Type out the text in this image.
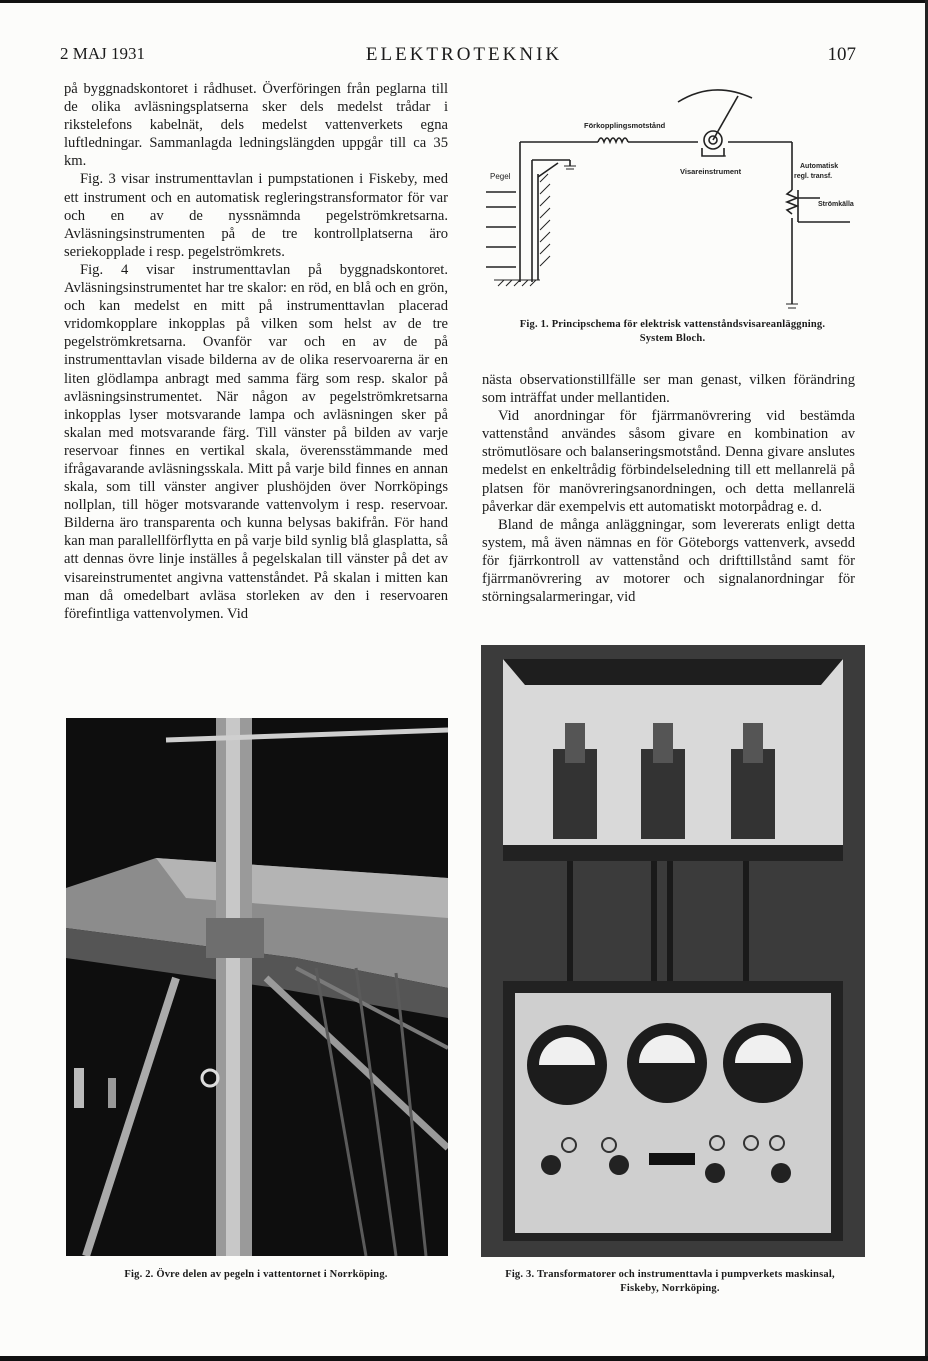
2 MAJ 1931	ELEKTROTEKNIK	107

på byggnadskontoret i rådhuset. Överföringen från peglarna till de olika avläsningsplatserna sker dels medelst trådar i rikstelefons kabelnät, dels medelst vattenverkets egna luftledningar. Sammanlagda ledningslängden uppgår till ca 35 km.

Fig. 3 visar instrumenttavlan i pumpstationen i Fiskeby, med ett instrument och en automatisk regleringstransformator för var och en av de nyssnämnda pegelströmkretsarna. Avläsningsinstrumenten på de tre kontrollplatserna äro seriekopplade i resp. pegelströmkrets.

Fig. 4 visar instrumenttavlan på byggnadskontoret. Avläsningsinstrumentet har tre skalor: en röd, en blå och en grön, och kan medelst en mitt på instrumenttavlan placerad vridomkopplare inkopplas på vilken som helst av de tre pegelströmkretsarna. Ovanför var och en av de på instrumenttavlan visade bilderna av de olika reservoarerna är en liten glödlampa anbragt med samma färg som resp. skalor på avläsningsinstrumentet. När någon av pegelströmkretsarna inkopplas lyser motsvarande lampa och avläsningen sker på skalan med motsvarande färg. Till vänster på bilden av varje reservoar finnes en vertikal skala, överensstämmande med ifrågavarande avläsningsskala. Mitt på varje bild finnes en annan skala, som till vänster angiver plushöjden över Norrköpings nollplan, till höger motsvarande vattenvolym i resp. reservoar. Bilderna äro transparenta och kunna belysas bakifrån. För hand kan man parallellförflytta en på varje bild synlig blå glasplatta, så att dennas övre linje inställes å pegelskalan till vänster på det av visareinstrumentet angivna vattenståndet. På skalan i mitten kan man då omedelbart avläsa storleken av den i reservoaren förefintliga vattenvolymen. Vid

Pegel
Förkopplingsmotstånd
Visareinstrument
Automatisk
regl. transf.
Strömkälla
Fig. 1. Principschema för elektrisk vattenståndsvisareanläggning.
System Bloch.

nästa observationstillfälle ser man genast, vilken förändring som inträffat under mellantiden.

Vid anordningar för fjärrmanövrering vid bestämda vattenstånd användes såsom givare en kombination av strömutlösare och balanseringsmotstånd. Denna givare anslutes medelst en enkeltrådig förbindelseledning till ett mellanrelä på platsen för manövreringsanordningen, och detta mellanrelä påverkar där exempelvis ett automatiskt motorpådrag e. d.

Bland de många anläggningar, som levererats enligt detta system, må även nämnas en för Göteborgs vattenverk, avsedd för fjärrkontroll av vattenstånd och drifttillstånd samt för fjärrmanövrering av motorer och signalanordningar för störningsalarmeringar, vid

Fig. 2. Övre delen av pegeln i vattentornet i Norrköping.	Fig. 3. Transformatorer och instrumenttavla i pumpverkets maskinsal,
Fiskeby, Norrköping.
